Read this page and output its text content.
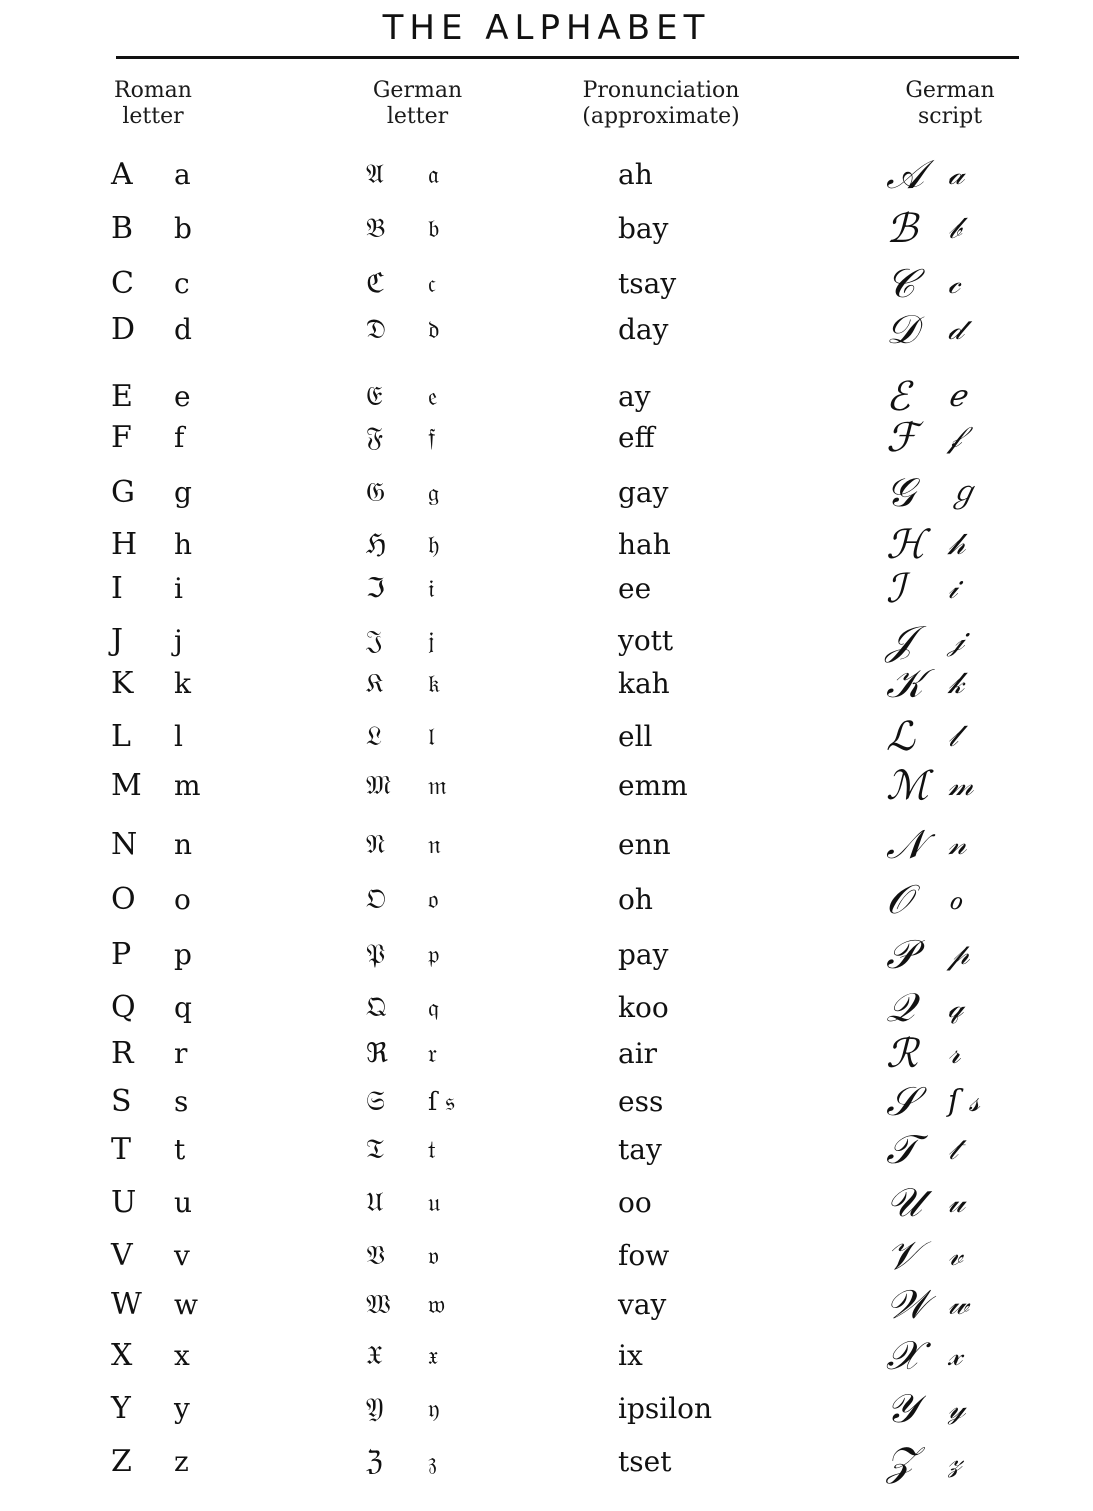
THE ALPHABET
Roman
letter
German
letter
Pronunciation
(approximate)
German
script
A a	𝔄 𝔞	ah	𝒜 𝒶
B b	𝔅 𝔟	bay	ℬ 𝒷
C c	ℭ 𝔠	tsay	𝒞 𝒸
D d	𝔇 𝔡	day	𝒟 𝒹
E e	𝔈 𝔢	ay	ℰ ℯ
F f	𝔉 𝔣	eff	ℱ 𝒻
G g	𝔊 𝔤	gay	𝒢 ℊ
H h	ℌ 𝔥	hah	ℋ 𝒽
I i	ℑ 𝔦	ee	ℐ 𝒾
J j	𝔍 𝔧	yott	𝒥 𝒿
K k	𝔎 𝔨	kah	𝒦 𝓀
L l	𝔏 𝔩	ell	ℒ 𝓁
M m	𝔐 𝔪	emm	ℳ 𝓂
N n	𝔑 𝔫	enn	𝒩 𝓃
O o	𝔒 𝔬	oh	𝒪 ℴ
P p	𝔓 𝔭	pay	𝒫 𝓅
Q q	𝔔 𝔮	koo	𝒬 𝓆
R r	ℜ 𝔯	air	ℛ 𝓇
S s	𝔖 ſ 𝔰	ess	𝒮 ſ 𝓈
T t	𝔗 𝔱	tay	𝒯 𝓉
U u	𝔘 𝔲	oo	𝒰 𝓊
V v	𝔙 𝔳	fow	𝒱 𝓋
W w	𝔚 𝔴	vay	𝒲 𝓌
X x	𝔛 𝔵	ix	𝒳 𝓍
Y y	𝔜 𝔶	ipsilon	𝒴 𝓎
Z z	ℨ 𝔷	tset	𝒵 𝓏
